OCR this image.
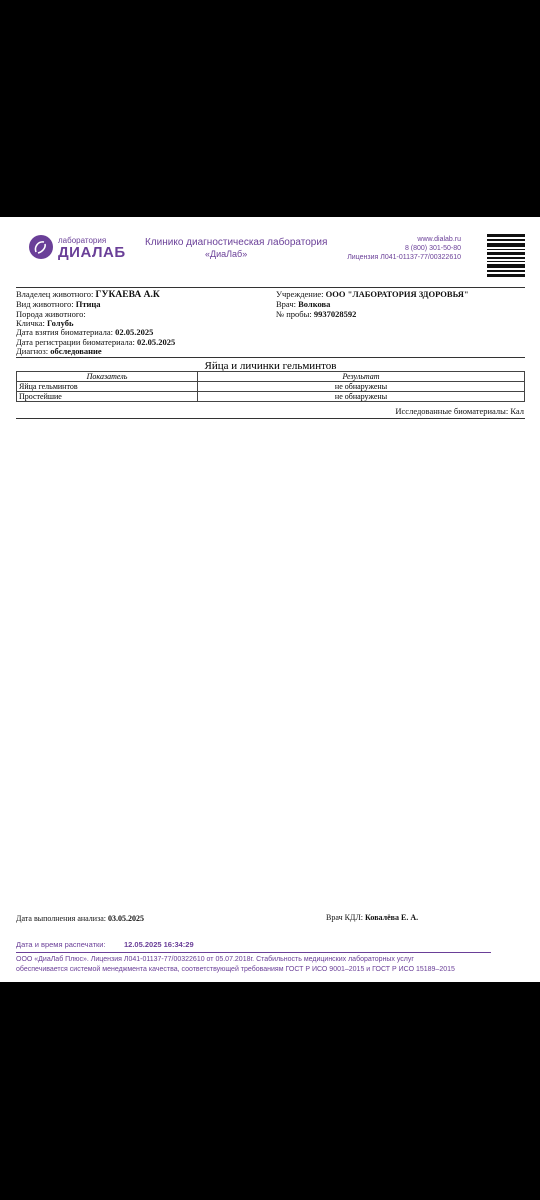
лаборатория
ДИАЛАБ
Клинико диагностическая лаборатория
«ДиаЛаб»
www.dialab.ru
8 (800) 301-50-80
Лицензия Л041-01137-77/00322610
Владелец животного: ГУКАЕВА А.К
Вид животного: Птица
Порода животного:
Кличка: Голубь
Дата взятия биоматериала: 02.05.2025
Дата регистрации биоматериала: 02.05.2025
Диагноз: обследование
Учреждение: ООО "ЛАБОРАТОРИЯ ЗДОРОВЬЯ"
Врач: Волкова
№ пробы: 9937028592
Яйца и личинки гельминтов
Показатель	Результат
Яйца гельминтов	не обнаружены
Простейшие	не обнаружены
Исследованные биоматериалы: Кал
Дата выполнения анализа: 03.05.2025	Врач КДЛ: Ковалёва Е. А.
Дата и время распечатки: 12.05.2025 16:34:29
ООО «ДиаЛаб Плюс». Лицензия Л041-01137-77/00322610 от 05.07.2018г. Стабильность медицинских лабораторных услуг
обеспечивается системой менеджмента качества, соответствующей требованиям ГОСТ Р ИСО 9001–2015 и ГОСТ Р ИСО 15189–2015
